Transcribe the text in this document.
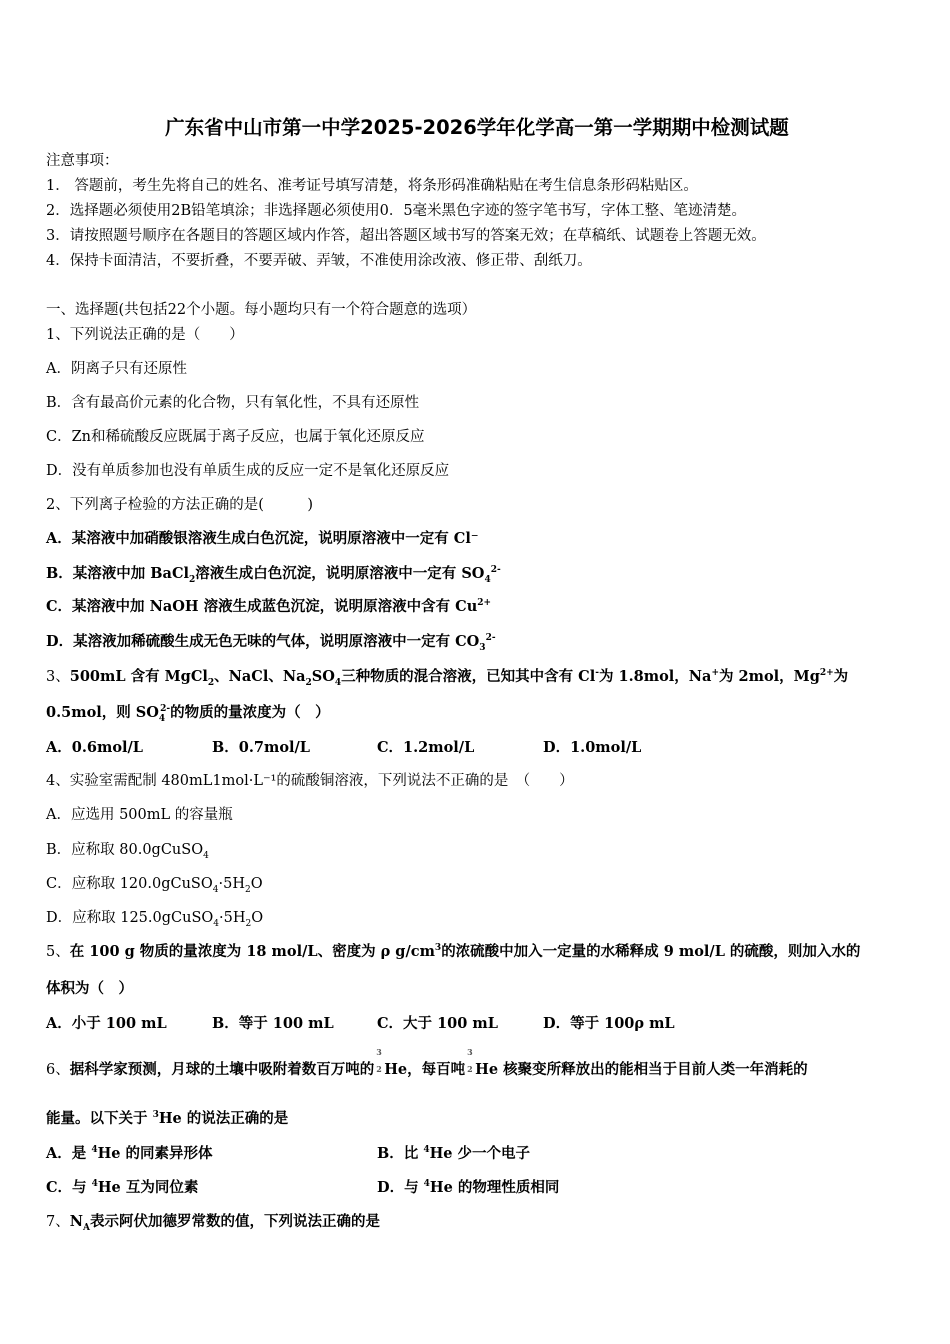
广东省中山市第一中学2025-2026学年化学高一第一学期期中检测试题
注意事项：
1． 答题前，考生先将自己的姓名、准考证号填写清楚，将条形码准确粘贴在考生信息条形码粘贴区。
2．选择题必须使用2B铅笔填涂；非选择题必须使用0．5毫米黑色字迹的签字笔书写，字体工整、笔迹清楚。
3．请按照题号顺序在各题目的答题区域内作答，超出答题区域书写的答案无效；在草稿纸、试题卷上答题无效。
4．保持卡面清洁，不要折叠，不要弄破、弄皱，不准使用涂改液、修正带、刮纸刀。
一、选择题(共包括22个小题。每小题均只有一个符合题意的选项）
1、下列说法正确的是（　　）
A．阴离子只有还原性
B．含有最高价元素的化合物，只有氧化性，不具有还原性
C．Zn和稀硫酸反应既属于离子反应，也属于氧化还原反应
D．没有单质参加也没有单质生成的反应一定不是氧化还原反应
2、下列离子检验的方法正确的是(　　　)
A．某溶液中加硝酸银溶液生成白色沉淀，说明原溶液中一定有 Cl⁻
B．某溶液中加 BaCl$_2$溶液生成白色沉淀，说明原溶液中一定有 $SO_4^{2-}$
C．某溶液中加 NaOH 溶液生成蓝色沉淀，说明原溶液中含有 $Cu^{2+}$
D．某溶液加稀硫酸生成无色无味的气体，说明原溶液中一定有 $CO_3^{2-}$
3、500mL 含有 MgCl$_2$、NaCl、$Na_2SO_4$三种物质的混合溶液，已知其中含有 Cl-为 1.8mol，Na+为 2mol，$Mg^{2+}$为
0.5mol，则 $SO_4^{2-}$的物质的量浓度为（　）
A．0.6mol/L	B．0.7mol/L	C．1.2mol/L	D．1.0mol/L
4、实验室需配制 480mL1mol·L⁻¹的硫酸铜溶液，下列说法不正确的是　（　　）
A．应选用 500mL 的容量瓶
B．应称取 80.0gCuSO$_4$
C．应称取 $120.0gCuSO_4\cdot 5H_2O$
D．应称取 $125.0gCuSO_4\cdot 5H_2O$
5、在 100 g 物质的量浓度为 18 mol/L、密度为 ρ $g/cm^3$的浓硫酸中加入一定量的水稀释成 9 mol/L 的硫酸，则加入水的
体积为（　）
A．小于 100 mL	B．等于 100 mL	C．大于 100 mL	D．等于 100ρ mL
6、据科学家预测，月球的土壤中吸附着数百万吨的
3
2 He，每百吨
3
2 He 核聚变所释放出的能相当于目前人类一年消耗的
能量。以下关于 $^3$He 的说法正确的是
A．是 $^4$He 的同素异形体	B．比 $^4$He 少一个电子
C．与 $^4$He 互为同位素	D．与 $^4$He 的物理性质相同
7、$N_A$表示阿伏加德罗常数的值，下列说法正确的是
